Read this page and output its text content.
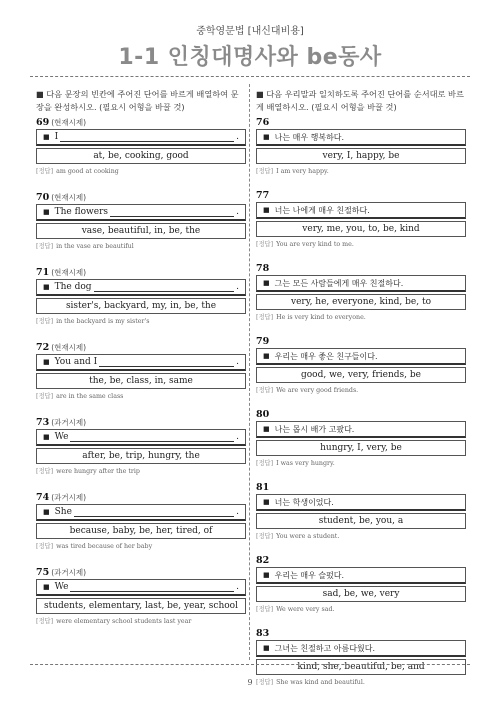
중학영문법 [내신대비용]
1-1 인칭대명사와 be동사
■ 다음 문장의 빈칸에 주어진 단어를 바르게 배열하여 문장을 완성하시오. (필요시 어형을 바꿀 것)
69 (현재시제)
■ I	.
at, be, cooking, good
[정답] am good at cooking
70 (현재시제)
■ The flowers	.
vase, beautiful, in, be, the
[정답] in the vase are beautiful
71 (현재시제)
■ The dog	.
sister's, backyard, my, in, be, the
[정답] in the backyard is my sister's
72 (현재시제)
■ You and I	.
the, be, class, in, same
[정답] are in the same class
73 (과거시제)
■ We	.
after, be, trip, hungry, the
[정답] were hungry after the trip
74 (과거시제)
■ She	.
because, baby, be, her, tired, of
[정답] was tired because of her baby
75 (과거시제)
■ We	.
students, elementary, last, be, year, school
[정답] were elementary school students last year
■ 다음 우리말과 일치하도록 주어진 단어를 순서대로 바르게 배열하시오. (필요시 어형을 바꿀 것)
76
■ 나는 매우 행복하다.
very, I, happy, be
[정답] I am very happy.
77
■ 너는 나에게 매우 친절하다.
very, me, you, to, be, kind
[정답] You are very kind to me.
78
■ 그는 모든 사람들에게 매우 친절하다.
very, he, everyone, kind, be, to
[정답] He is very kind to everyone.
79
■ 우리는 매우 좋은 친구들이다.
good, we, very, friends, be
[정답] We are very good friends.
80
■ 나는 몹시 배가 고팠다.
hungry, I, very, be
[정답] I was very hungry.
81
■ 너는 학생이었다.
student, be, you, a
[정답] You were a student.
82
■ 우리는 매우 슬펐다.
sad, be, we, very
[정답] We were very sad.
83
■ 그녀는 친절하고 아름다웠다.
kind, she, beautiful, be, and
[정답] She was kind and beautiful.
9
